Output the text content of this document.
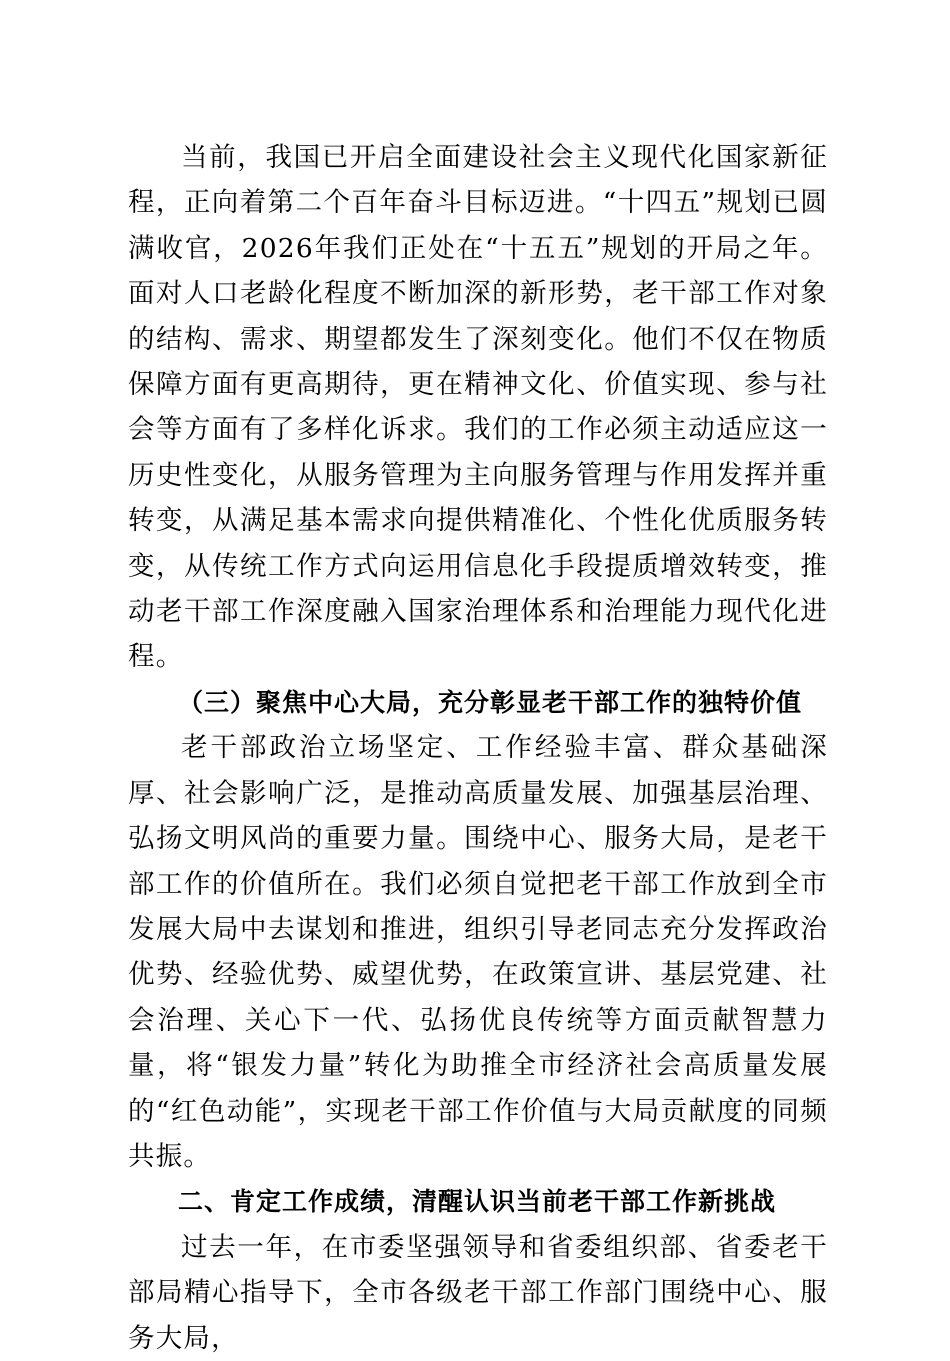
当前，我国已开启全面建设社会主义现代化国家新征程，正向着第二个百年奋斗目标迈进。“十四五”规划已圆满收官，2026年我们正处在“十五五”规划的开局之年。面对人口老龄化程度不断加深的新形势，老干部工作对象的结构、需求、期望都发生了深刻变化。他们不仅在物质保障方面有更高期待，更在精神文化、价值实现、参与社会等方面有了多样化诉求。我们的工作必须主动适应这一历史性变化，从服务管理为主向服务管理与作用发挥并重转变，从满足基本需求向提供精准化、个性化优质服务转变，从传统工作方式向运用信息化手段提质增效转变，推动老干部工作深度融入国家治理体系和治理能力现代化进程。

（三）聚焦中心大局，充分彰显老干部工作的独特价值

老干部政治立场坚定、工作经验丰富、群众基础深厚、社会影响广泛，是推动高质量发展、加强基层治理、弘扬文明风尚的重要力量。围绕中心、服务大局，是老干部工作的价值所在。我们必须自觉把老干部工作放到全市发展大局中去谋划和推进，组织引导老同志充分发挥政治优势、经验优势、威望优势，在政策宣讲、基层党建、社会治理、关心下一代、弘扬优良传统等方面贡献智慧力量，将“银发力量”转化为助推全市经济社会高质量发展的“红色动能”，实现老干部工作价值与大局贡献度的同频共振。

二、肯定工作成绩，清醒认识当前老干部工作新挑战

过去一年，在市委坚强领导和省委组织部、省委老干部局精心指导下，全市各级老干部工作部门围绕中心、服务大局，
